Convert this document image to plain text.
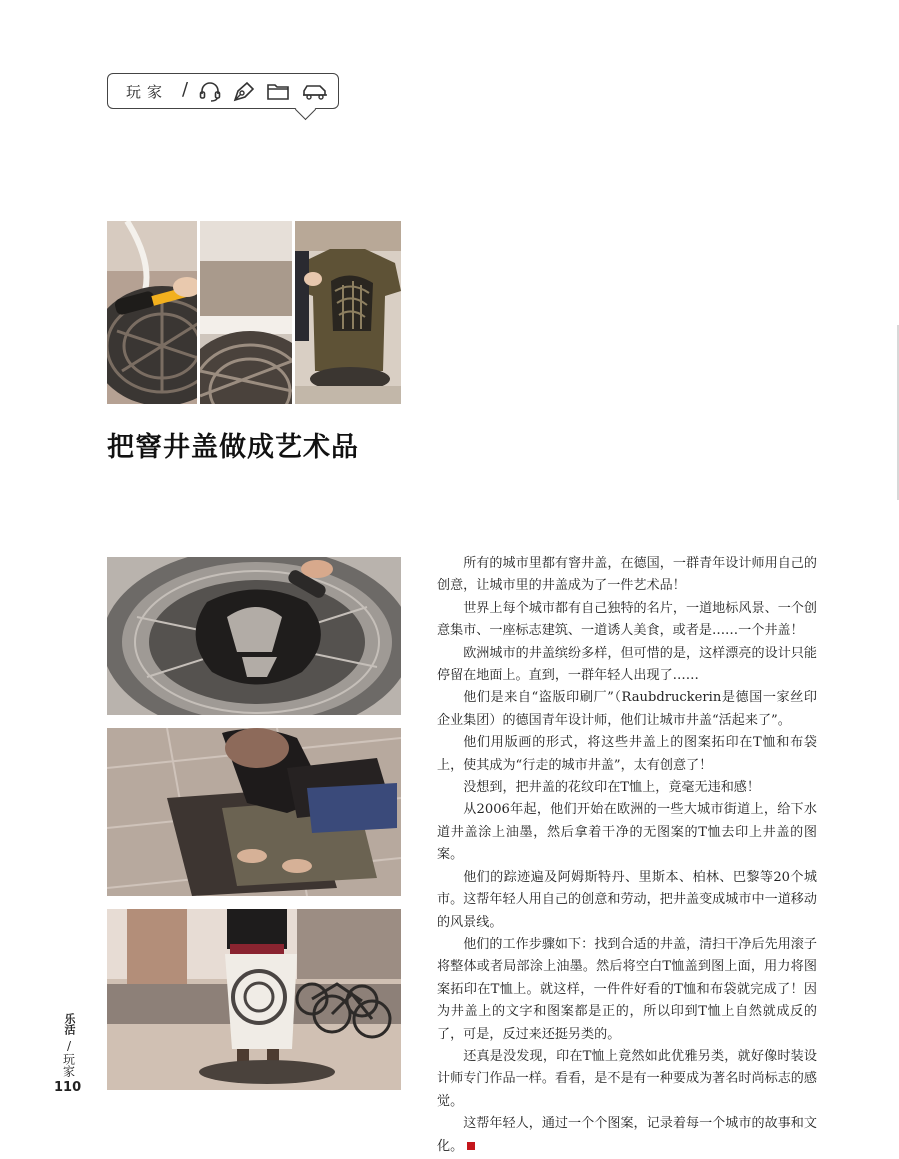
玩家 /
把窨井盖做成艺术品

所有的城市里都有窨井盖，在德国，一群青年设计师用自己的创意，让城市里的井盖成为了一件艺术品！

世界上每个城市都有自己独特的名片，一道地标风景、一个创意集市、一座标志建筑、一道诱人美食，或者是……一个井盖！

欧洲城市的井盖缤纷多样，但可惜的是，这样漂亮的设计只能停留在地面上。直到，一群年轻人出现了……

他们是来自“盗版印刷厂”（Raubdruckerin是德国一家丝印企业集团）的德国青年设计师，他们让城市井盖“活起来了”。

他们用版画的形式，将这些井盖上的图案拓印在T恤和布袋上，使其成为“行走的城市井盖”，太有创意了！

没想到，把井盖的花纹印在T恤上，竟毫无违和感！

从2006年起，他们开始在欧洲的一些大城市街道上，给下水道井盖涂上油墨，然后拿着干净的无图案的T恤去印上井盖的图案。

他们的踪迹遍及阿姆斯特丹、里斯本、柏林、巴黎等20个城市。这帮年轻人用自己的创意和劳动，把井盖变成城市中一道移动的风景线。

他们的工作步骤如下：找到合适的井盖，清扫干净后先用滚子将整体或者局部涂上油墨。然后将空白T恤盖到图上面，用力将图案拓印在T恤上。就这样，一件件好看的T恤和布袋就完成了！因为井盖上的文字和图案都是正的，所以印到T恤上自然就成反的了，可是，反过来还挺另类的。

还真是没发现，印在T恤上竟然如此优雅另类，就好像时装设计师专门作品一样。看看，是不是有一种要成为著名时尚标志的感觉。

这帮年轻人，通过一个个图案，记录着每一个城市的故事和文化。

乐活
/
玩家
110
